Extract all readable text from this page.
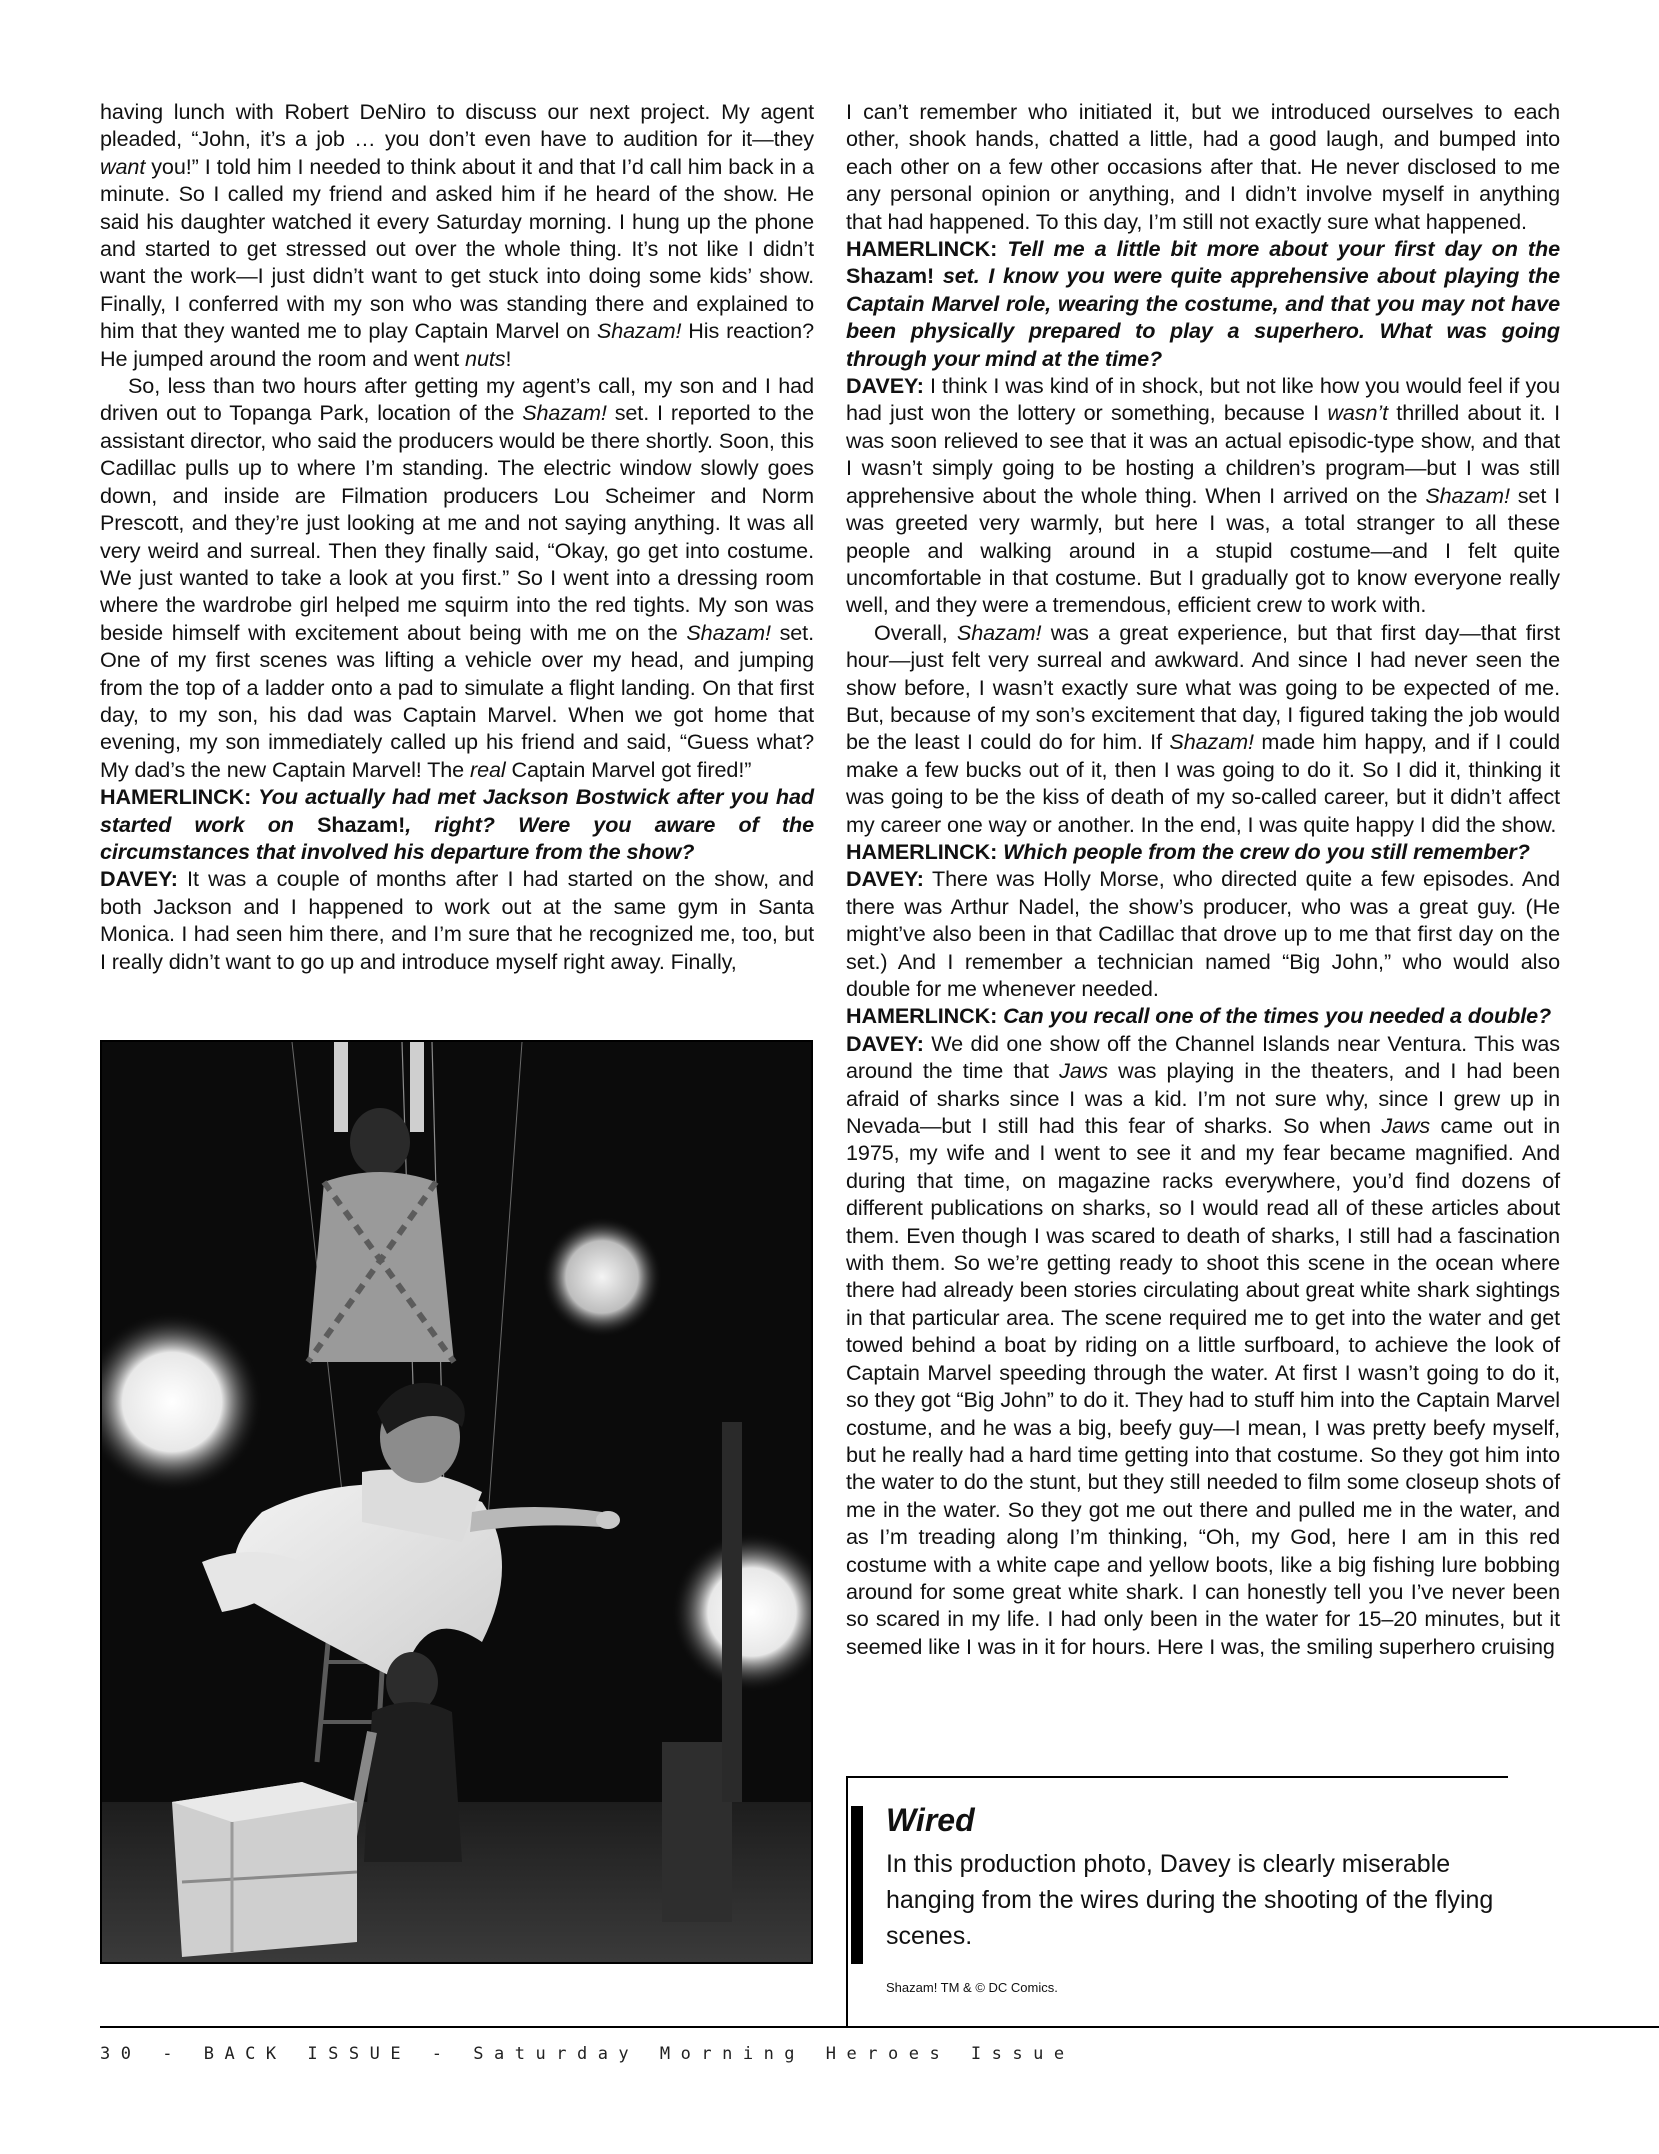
having lunch with Robert DeNiro to discuss our next project. My agent pleaded, “John, it’s a job … you don’t even have to audition for it—they want you!” I told him I needed to think about it and that I’d call him back in a minute. So I called my friend and asked him if he heard of the show. He said his daughter watched it every Saturday morning. I hung up the phone and started to get stressed out over the whole thing. It’s not like I didn’t want the work—I just didn’t want to get stuck into doing some kids’ show. Finally, I conferred with my son who was standing there and explained to him that they wanted me to play Captain Marvel on Shazam! His reaction? He jumped around the room and went nuts!

So, less than two hours after getting my agent’s call, my son and I had driven out to Topanga Park, location of the Shazam! set. I reported to the assistant director, who said the producers would be there shortly. Soon, this Cadillac pulls up to where I’m standing. The electric window slowly goes down, and inside are Filmation producers Lou Scheimer and Norm Prescott, and they’re just looking at me and not saying anything. It was all very weird and surreal. Then they finally said, “Okay, go get into costume. We just wanted to take a look at you first.” So I went into a dressing room where the wardrobe girl helped me squirm into the red tights. My son was beside himself with excitement about being with me on the Shazam! set. One of my first scenes was lifting a vehicle over my head, and jumping from the top of a ladder onto a pad to simulate a flight landing. On that first day, to my son, his dad was Captain Marvel. When we got home that evening, my son immediately called up his friend and said, “Guess what? My dad’s the new Captain Marvel! The real Captain Marvel got fired!”

HAMERLINCK: You actually had met Jackson Bostwick after you had started work on Shazam!, right? Were you aware of the circumstances that involved his departure from the show?

DAVEY: It was a couple of months after I had started on the show, and both Jackson and I happened to work out at the same gym in Santa Monica. I had seen him there, and I’m sure that he recognized me, too, but I really didn’t want to go up and introduce myself right away. Finally,

I can’t remember who initiated it, but we introduced ourselves to each other, shook hands, chatted a little, had a good laugh, and bumped into each other on a few other occasions after that. He never disclosed to me any personal opinion or anything, and I didn’t involve myself in anything that had happened. To this day, I’m still not exactly sure what happened.

HAMERLINCK: Tell me a little bit more about your first day on the Shazam! set. I know you were quite apprehensive about playing the Captain Marvel role, wearing the costume, and that you may not have been physically prepared to play a superhero. What was going through your mind at the time?

DAVEY: I think I was kind of in shock, but not like how you would feel if you had just won the lottery or something, because I wasn’t thrilled about it. I was soon relieved to see that it was an actual episodic-type show, and that I wasn’t simply going to be hosting a children’s program—but I was still apprehensive about the whole thing. When I arrived on the Shazam! set I was greeted very warmly, but here I was, a total stranger to all these people and walking around in a stupid costume—and I felt quite uncomfortable in that costume. But I gradually got to know everyone really well, and they were a tremendous, efficient crew to work with.

Overall, Shazam! was a great experience, but that first day—that first hour—just felt very surreal and awkward. And since I had never seen the show before, I wasn’t exactly sure what was going to be expected of me. But, because of my son’s excitement that day, I figured taking the job would be the least I could do for him. If Shazam! made him happy, and if I could make a few bucks out of it, then I was going to do it. So I did it, thinking it was going to be the kiss of death of my so-called career, but it didn’t affect my career one way or another. In the end, I was quite happy I did the show.

HAMERLINCK: Which people from the crew do you still remember?

DAVEY: There was Holly Morse, who directed quite a few episodes. And there was Arthur Nadel, the show’s producer, who was a great guy. (He might’ve also been in that Cadillac that drove up to me that first day on the set.) And I remember a technician named “Big John,” who would also double for me whenever needed.

HAMERLINCK: Can you recall one of the times you needed a double?

DAVEY: We did one show off the Channel Islands near Ventura. This was around the time that Jaws was playing in the theaters, and I had been afraid of sharks since I was a kid. I’m not sure why, since I grew up in Nevada—but I still had this fear of sharks. So when Jaws came out in 1975, my wife and I went to see it and my fear became magnified. And during that time, on magazine racks everywhere, you’d find dozens of different publications on sharks, so I would read all of these articles about them. Even though I was scared to death of sharks, I still had a fascination with them. So we’re getting ready to shoot this scene in the ocean where there had already been stories circulating about great white shark sightings in that particular area. The scene required me to get into the water and get towed behind a boat by riding on a little surfboard, to achieve the look of Captain Marvel speeding through the water. At first I wasn’t going to do it, so they got “Big John” to do it. They had to stuff him into the Captain Marvel costume, and he was a big, beefy guy—I mean, I was pretty beefy myself, but he really had a hard time getting into that costume. So they got him into the water to do the stunt, but they still needed to film some closeup shots of me in the water. So they got me out there and pulled me in the water, and as I’m treading along I’m thinking, “Oh, my God, here I am in this red costume with a white cape and yellow boots, like a big fishing lure bobbing around for some great white shark. I can honestly tell you I’ve never been so scared in my life. I had only been in the water for 15–20 minutes, but it seemed like I was in it for hours. Here I was, the smiling superhero cruising

Wired

In this production photo, Davey is clearly miserable hanging from the wires during the shooting of the flying scenes.

Shazam! TM & © DC Comics.

30 - BACK ISSUE - Saturday Morning Heroes Issue
